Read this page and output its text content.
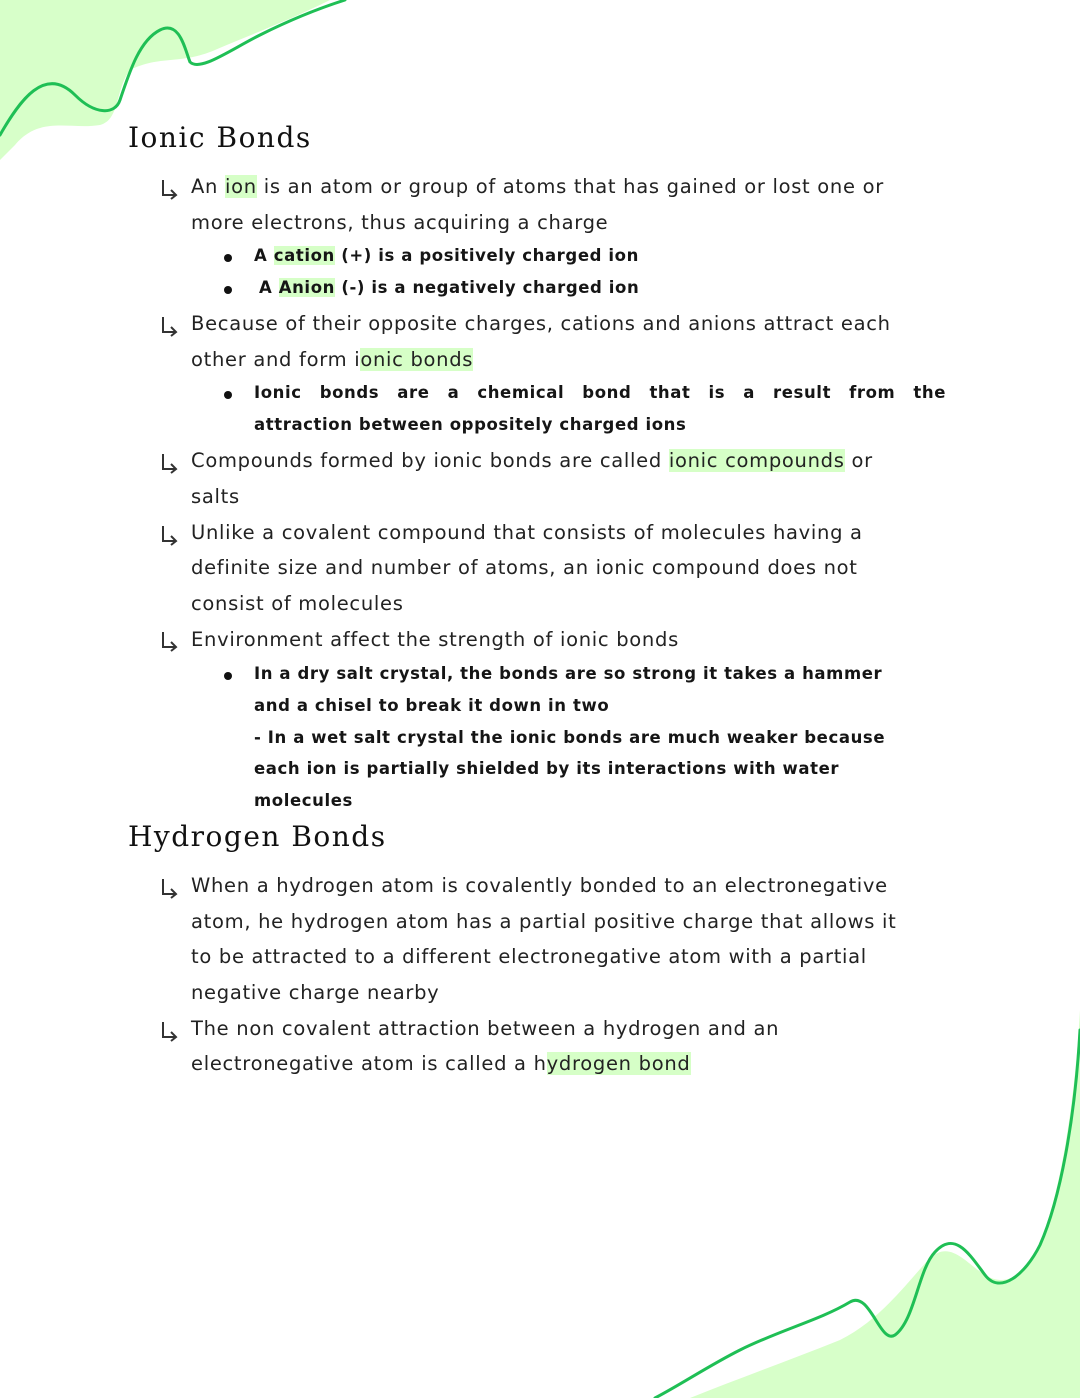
Ionic Bonds

An ion is an atom or group of atoms that has gained or lost one or

more electrons, thus acquiring a charge

A cation (+) is a positively charged ion

A Anion (-) is a negatively charged ion

Because of their opposite charges, cations and anions attract each

other and form ionic bonds

Ionic bonds are a chemical bond that is a result from the

attraction between oppositely charged ions

Compounds formed by ionic bonds are called ionic compounds or

salts

Unlike a covalent compound that consists of molecules having a

definite size and number of atoms, an ionic compound does not

consist of molecules

Environment affect the strength of ionic bonds

In a dry salt crystal, the bonds are so strong it takes a hammer

and a chisel to break it down in two

- In a wet salt crystal the ionic bonds are much weaker because

each ion is partially shielded by its interactions with water

molecules

Hydrogen Bonds

When a hydrogen atom is covalently bonded to an electronegative

atom, he hydrogen atom has a partial positive charge that allows it

to be attracted to a different electronegative atom with a partial

negative charge nearby

The non covalent attraction between a hydrogen and an

electronegative atom is called a hydrogen bond
